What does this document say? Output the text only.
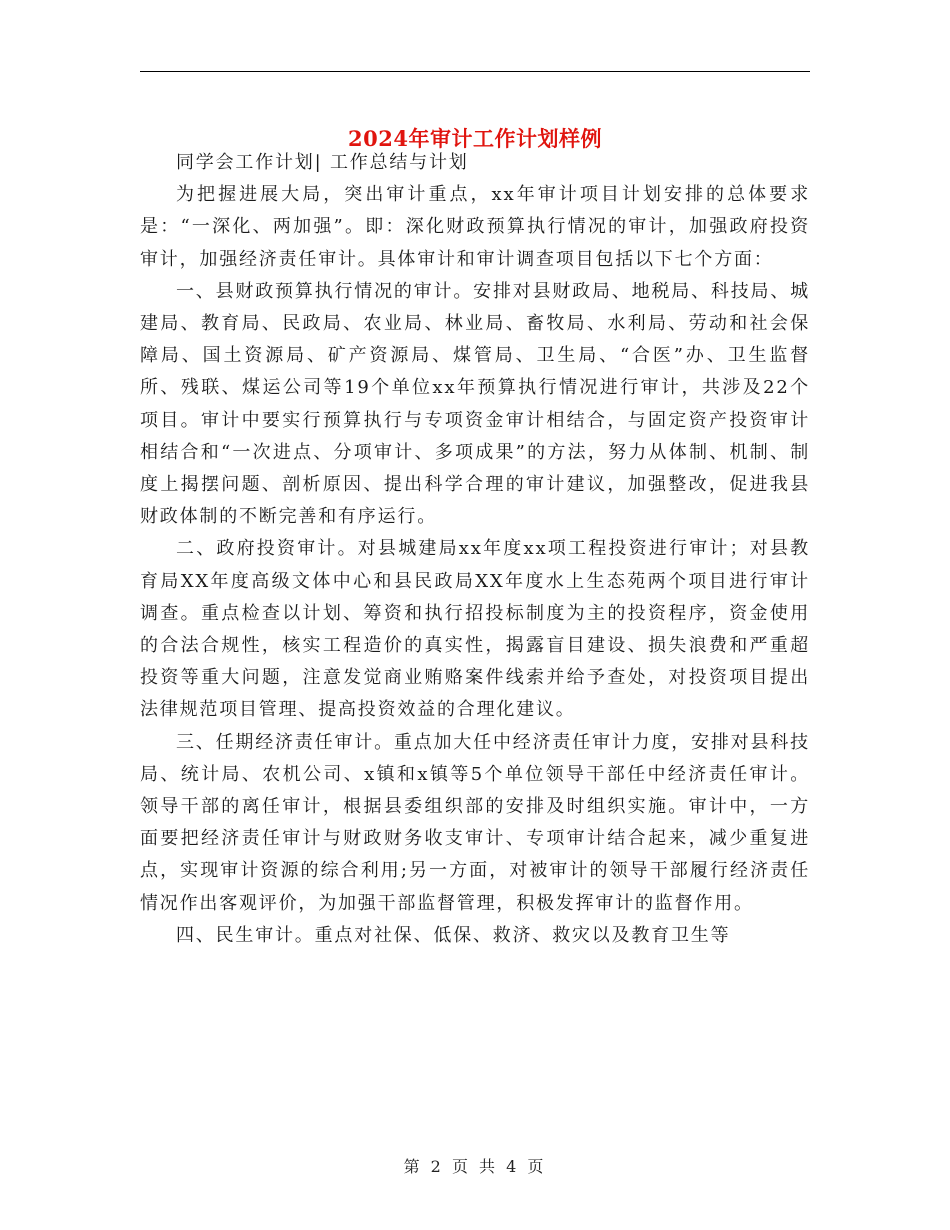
2024年审计工作计划样例

同学会工作计划| 工作总结与计划

为把握进展大局，突出审计重点，xx年审计项目计划安排的总体要求是：“一深化、两加强”。即：深化财政预算执行情况的审计，加强政府投资审计，加强经济责任审计。具体审计和审计调查项目包括以下七个方面：

一、县财政预算执行情况的审计。安排对县财政局、地税局、科技局、城建局、教育局、民政局、农业局、林业局、畜牧局、水利局、劳动和社会保障局、国土资源局、矿产资源局、煤管局、卫生局、“合医”办、卫生监督所、残联、煤运公司等19个单位xx年预算执行情况进行审计，共涉及22个项目。审计中要实行预算执行与专项资金审计相结合，与固定资产投资审计相结合和“一次进点、分项审计、多项成果”的方法，努力从体制、机制、制度上揭摆问题、剖析原因、提出科学合理的审计建议，加强整改，促进我县财政体制的不断完善和有序运行。

二、政府投资审计。对县城建局xx年度xx项工程投资进行审计；对县教育局XX年度高级文体中心和县民政局XX年度水上生态苑两个项目进行审计调查。重点检查以计划、筹资和执行招投标制度为主的投资程序，资金使用的合法合规性，核实工程造价的真实性，揭露盲目建设、损失浪费和严重超投资等重大问题，注意发觉商业贿赂案件线索并给予查处，对投资项目提出法律规范项目管理、提高投资效益的合理化建议。

三、任期经济责任审计。重点加大任中经济责任审计力度，安排对县科技局、统计局、农机公司、x镇和x镇等5个单位领导干部任中经济责任审计。领导干部的离任审计，根据县委组织部的安排及时组织实施。审计中，一方面要把经济责任审计与财政财务收支审计、专项审计结合起来，减少重复进点，实现审计资源的综合利用;另一方面，对被审计的领导干部履行经济责任情况作出客观评价，为加强干部监督管理，积极发挥审计的监督作用。

四、民生审计。重点对社保、低保、救济、救灾以及教育卫生等

第 2 页 共 4 页
